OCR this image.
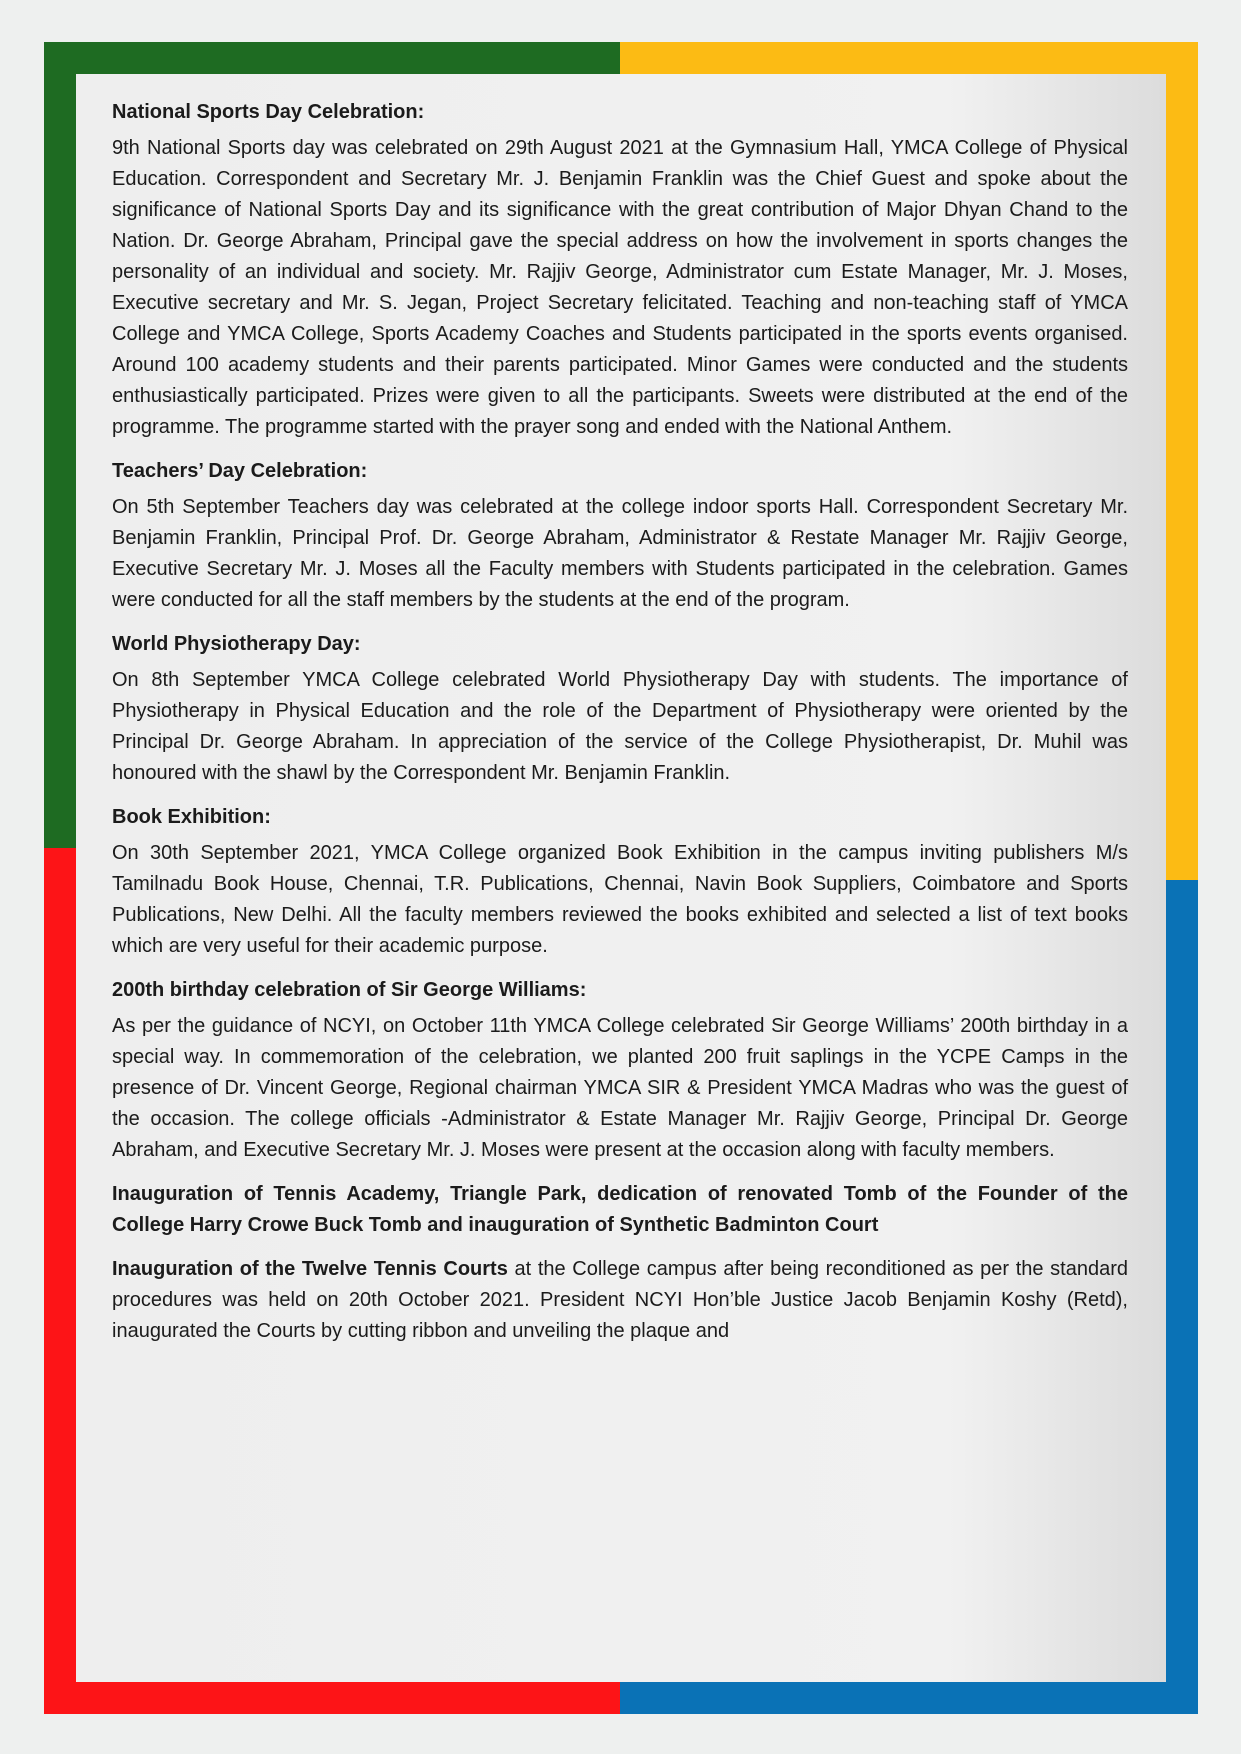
National Sports Day Celebration:

9th National Sports day was celebrated on 29th August 2021 at the Gymnasium Hall, YMCA College of Physical Education. Correspondent and Secretary Mr. J. Benjamin Franklin was the Chief Guest and spoke about the significance of National Sports Day and its significance with the great contribution of Major Dhyan Chand to the Nation. Dr. George Abraham, Principal gave the special address on how the involvement in sports changes the personality of an individual and society. Mr. Rajjiv George, Administrator cum Estate Manager, Mr. J. Moses, Executive secretary and Mr. S. Jegan, Project Secretary felicitated. Teaching and non-teaching staff of YMCA College and YMCA College, Sports Academy Coaches and Students participated in the sports events organised. Around 100 academy students and their parents participated. Minor Games were conducted and the students enthusiastically participated. Prizes were given to all the participants. Sweets were distributed at the end of the programme. The programme started with the prayer song and ended with the National Anthem.

Teachers’ Day Celebration:

On 5th September Teachers day was celebrated at the college indoor sports Hall. Correspondent Secretary Mr. Benjamin Franklin, Principal Prof. Dr. George Abraham, Administrator & Restate Manager Mr. Rajjiv George, Executive Secretary Mr. J. Moses all the Faculty members with Students participated in the celebration. Games were conducted for all the staff members by the students at the end of the program.

World Physiotherapy Day:

On 8th September YMCA College celebrated World Physiotherapy Day with students. The importance of Physiotherapy in Physical Education and the role of the Department of Physiotherapy were oriented by the Principal Dr. George Abraham. In appreciation of the service of the College Physiotherapist, Dr. Muhil was honoured with the shawl by the Correspondent Mr. Benjamin Franklin.

Book Exhibition:

On 30th September 2021, YMCA College organized Book Exhibition in the campus inviting publishers M/s Tamilnadu Book House, Chennai, T.R. Publications, Chennai, Navin Book Suppliers, Coimbatore and Sports Publications, New Delhi. All the faculty members reviewed the books exhibited and selected a list of text books which are very useful for their academic purpose.

200th birthday celebration of Sir George Williams:

As per the guidance of NCYI, on October 11th YMCA College celebrated Sir George Williams’ 200th birthday in a special way. In commemoration of the celebration, we planted 200 fruit saplings in the YCPE Camps in the presence of Dr. Vincent George, Regional chairman YMCA SIR & President YMCA Madras who was the guest of the occasion. The college officials -Administrator & Estate Manager Mr. Rajjiv George, Principal Dr. George Abraham, and Executive Secretary Mr. J. Moses were present at the occasion along with faculty members.

Inauguration of Tennis Academy, Triangle Park, dedication of renovated Tomb of the Founder of the College Harry Crowe Buck Tomb and inauguration of Synthetic Badminton Court

Inauguration of the Twelve Tennis Courts at the College campus after being reconditioned as per the standard procedures was held on 20th October 2021. President NCYI Hon’ble Justice Jacob Benjamin Koshy (Retd), inaugurated the Courts by cutting ribbon and unveiling the plaque and
